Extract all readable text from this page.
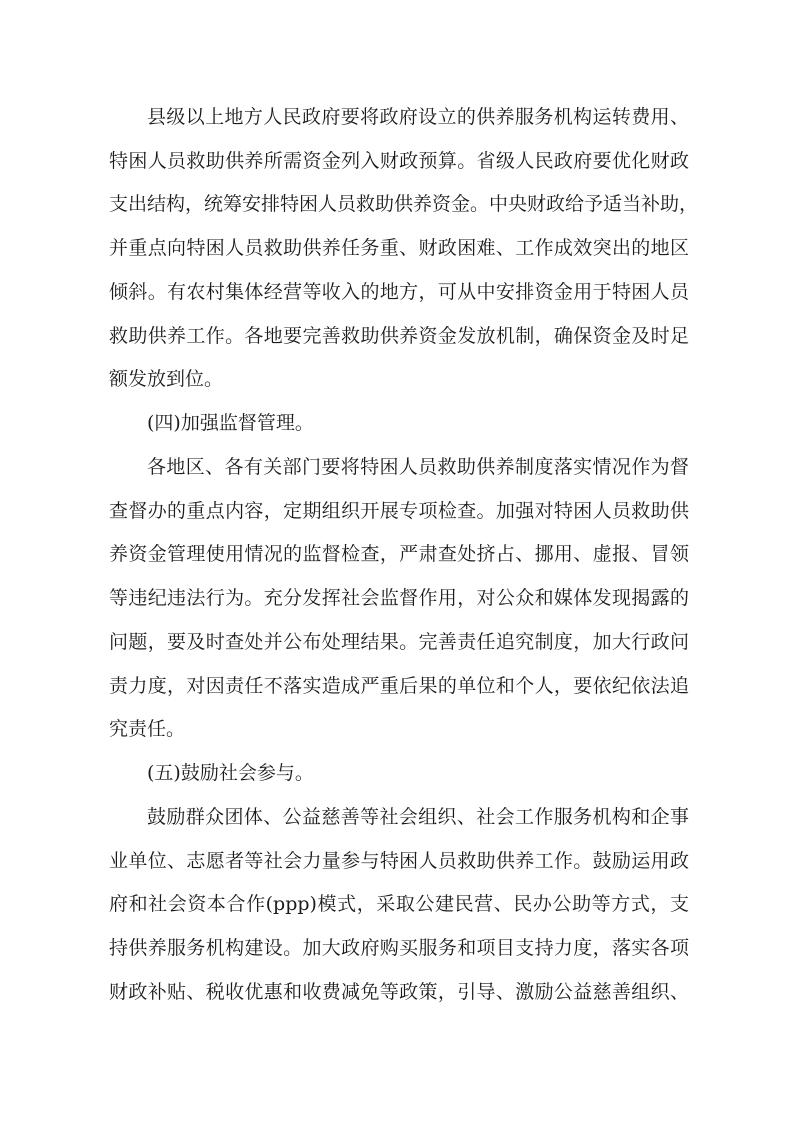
县级以上地方人民政府要将政府设立的供养服务机构运转费用、
特困人员救助供养所需资金列入财政预算。省级人民政府要优化财政
支出结构，统筹安排特困人员救助供养资金。中央财政给予适当补助，
并重点向特困人员救助供养任务重、财政困难、工作成效突出的地区
倾斜。有农村集体经营等收入的地方，可从中安排资金用于特困人员
救助供养工作。各地要完善救助供养资金发放机制，确保资金及时足
额发放到位。
(四)加强监督管理。
各地区、各有关部门要将特困人员救助供养制度落实情况作为督
查督办的重点内容，定期组织开展专项检查。加强对特困人员救助供
养资金管理使用情况的监督检查，严肃查处挤占、挪用、虚报、冒领
等违纪违法行为。充分发挥社会监督作用，对公众和媒体发现揭露的
问题，要及时查处并公布处理结果。完善责任追究制度，加大行政问
责力度，对因责任不落实造成严重后果的单位和个人，要依纪依法追
究责任。
(五)鼓励社会参与。
鼓励群众团体、公益慈善等社会组织、社会工作服务机构和企事
业单位、志愿者等社会力量参与特困人员救助供养工作。鼓励运用政
府和社会资本合作(ppp)模式，采取公建民营、民办公助等方式，支
持供养服务机构建设。加大政府购买服务和项目支持力度，落实各项
财政补贴、税收优惠和收费减免等政策，引导、激励公益慈善组织、
